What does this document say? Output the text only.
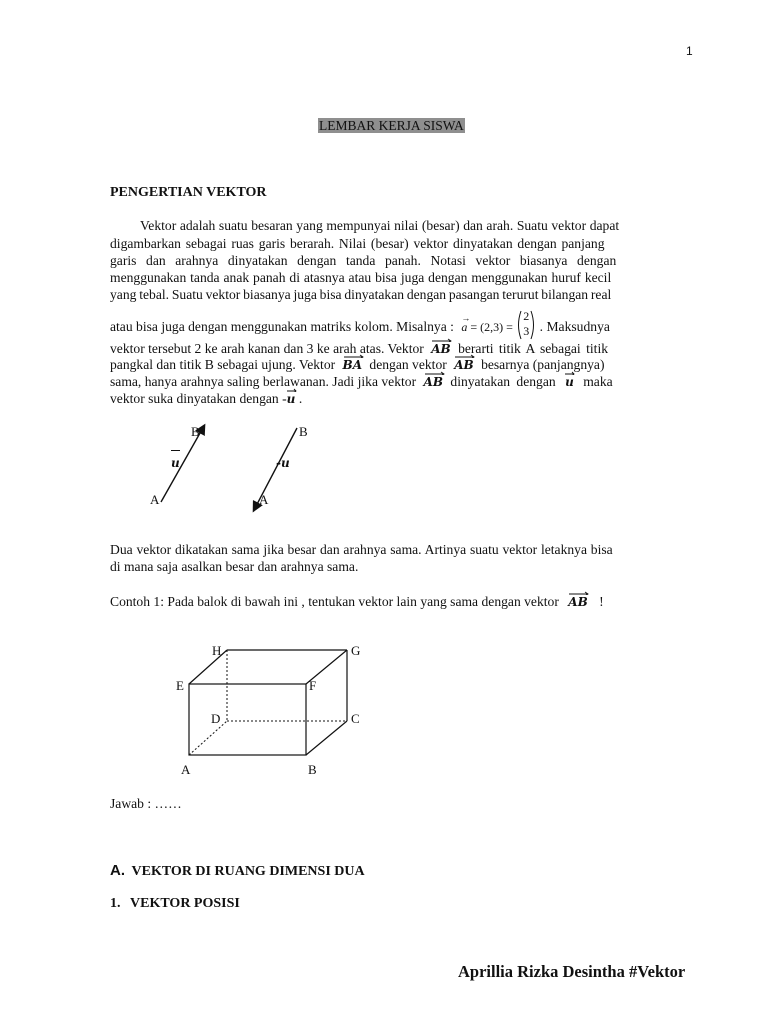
1
LEMBAR KERJA SISWA
PENGERTIAN VEKTOR
Vektor adalah suatu besaran yang mempunyai nilai (besar) dan arah. Suatu vektor dapat
digambarkan sebagai ruas garis berarah. Nilai (besar) vektor dinyatakan dengan panjang
garis dan arahnya dinyatakan dengan tanda panah. Notasi vektor biasanya dengan
menggunakan tanda anak panah di atasnya atau bisa juga dengan menggunakan huruf kecil
yang tebal. Suatu vektor biasanya juga bisa dinyatakan dengan pasangan terurut bilangan real
atau bisa juga dengan menggunakan matriks kolom. Misalnya :
→
a = (2,3) =
2
3 . Maksudnya
vektor tersebut 2 ke arah kanan dan 3 ke arah atas. Vektor AB berarti titik A sebagai titik
pangkal dan titik B sebagai ujung. Vektor BA dengan vektor AB besarnya (panjangnya)
sama, hanya arahnya saling berlawanan. Jadi jika vektor AB dinyatakan dengan u maka
vektor suka dinyatakan dengan -
u .
B
A
u
B
A
-u
Dua vektor dikatakan sama jika besar dan arahnya sama. Artinya suatu vektor letaknya bisa
di mana saja asalkan besar dan arahnya sama.
Contoh 1: Pada balok di bawah ini , tentukan vektor lain yang sama dengan vektor AB !
H	G
E	F
D	C
A	B
Jawab : ……
A. VEKTOR DI RUANG DIMENSI DUA
1. VEKTOR POSISI
Aprillia Rizka Desintha #Vektor
